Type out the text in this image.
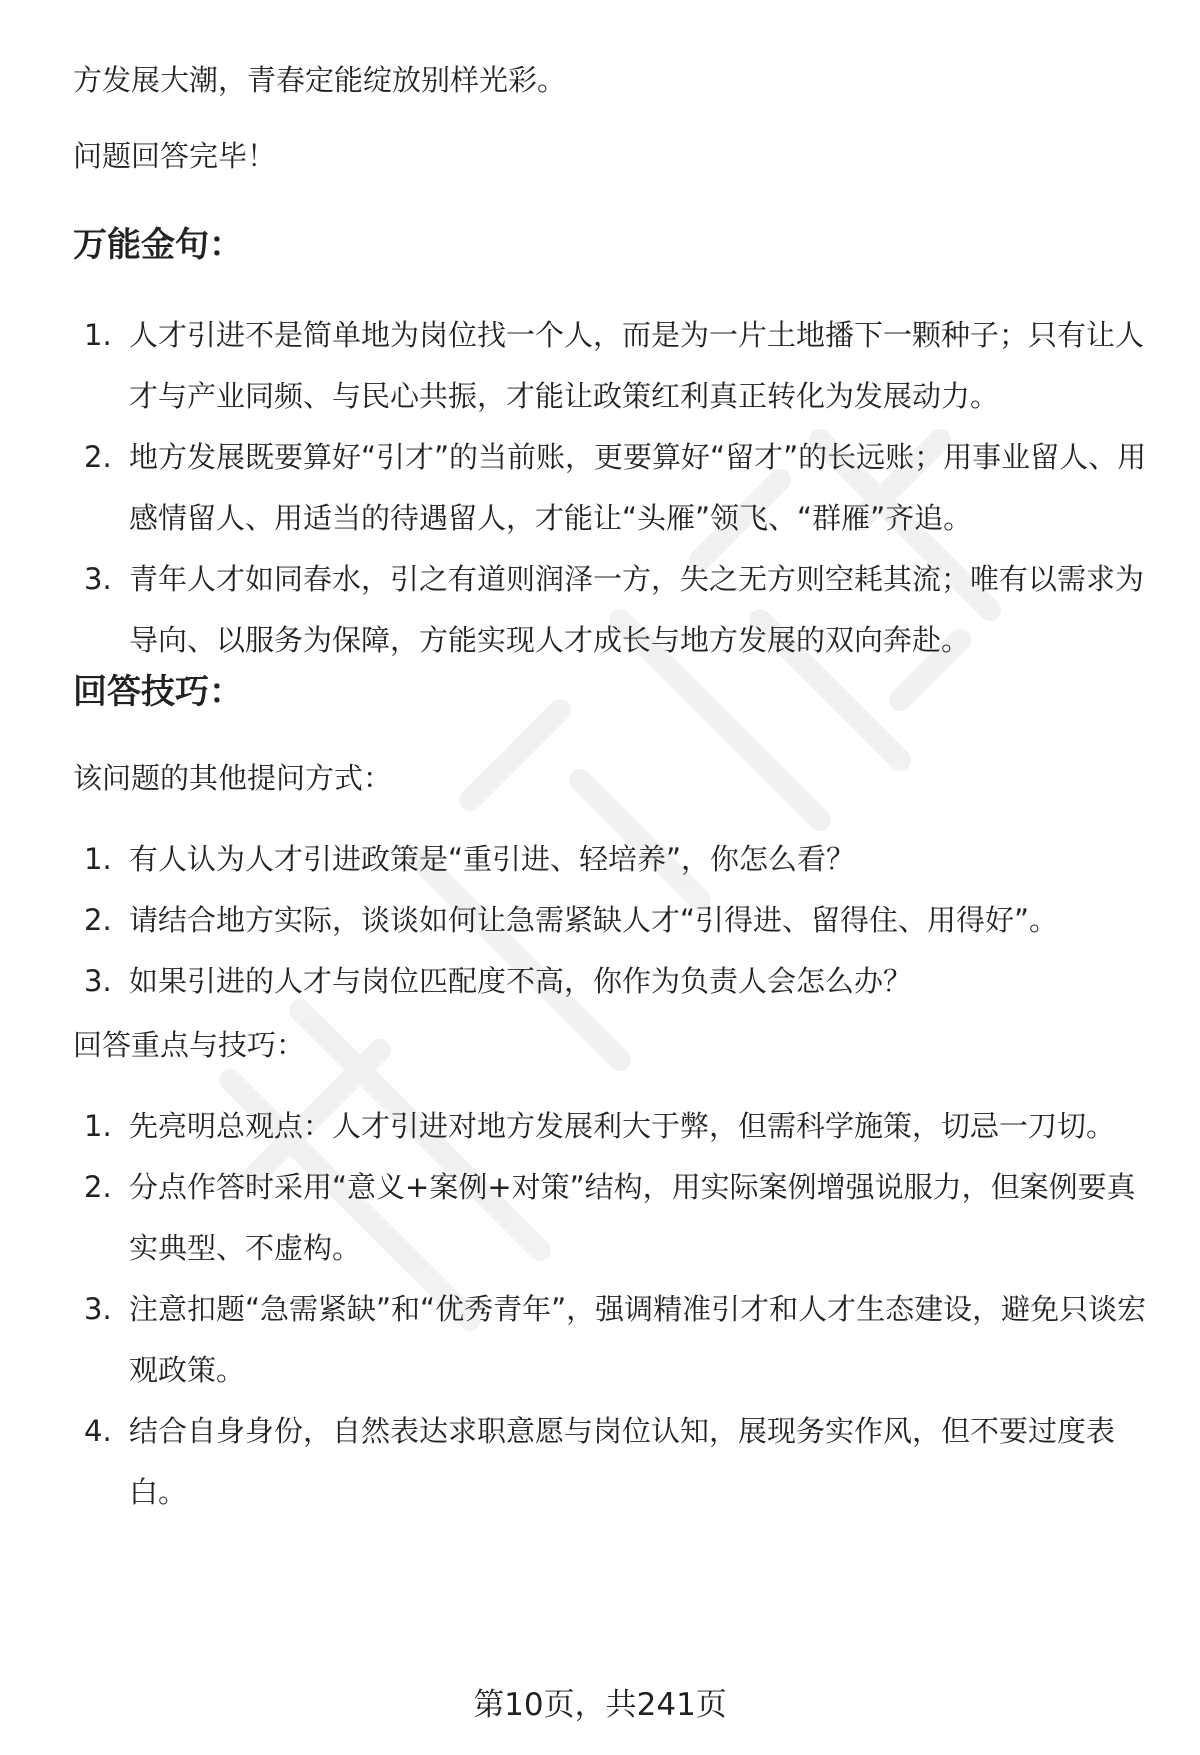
方发展大潮，青春定能绽放别样光彩。
问题回答完毕！
万能金句：
1. 人才引进不是简单地为岗位找一个人，而是为一片土地播下一颗种子；只有让人才与产业同频、与民心共振，才能让政策红利真正转化为发展动力。
2. 地方发展既要算好“引才”的当前账，更要算好“留才”的长远账；用事业留人、用感情留人、用适当的待遇留人，才能让“头雁”领飞、“群雁”齐追。
3. 青年人才如同春水，引之有道则润泽一方，失之无方则空耗其流；唯有以需求为导向、以服务为保障，方能实现人才成长与地方发展的双向奔赴。
回答技巧：
该问题的其他提问方式：
1. 有人认为人才引进政策是“重引进、轻培养”，你怎么看？
2. 请结合地方实际，谈谈如何让急需紧缺人才“引得进、留得住、用得好”。
3. 如果引进的人才与岗位匹配度不高，你作为负责人会怎么办？
回答重点与技巧：
1. 先亮明总观点：人才引进对地方发展利大于弊，但需科学施策，切忌一刀切。
2. 分点作答时采用“意义+案例+对策”结构，用实际案例增强说服力，但案例要真实典型、不虚构。
3. 注意扣题“急需紧缺”和“优秀青年”，强调精准引才和人才生态建设，避免只谈宏观政策。
4. 结合自身身份，自然表达求职意愿与岗位认知，展现务实作风，但不要过度表白。
第10页，共241页
